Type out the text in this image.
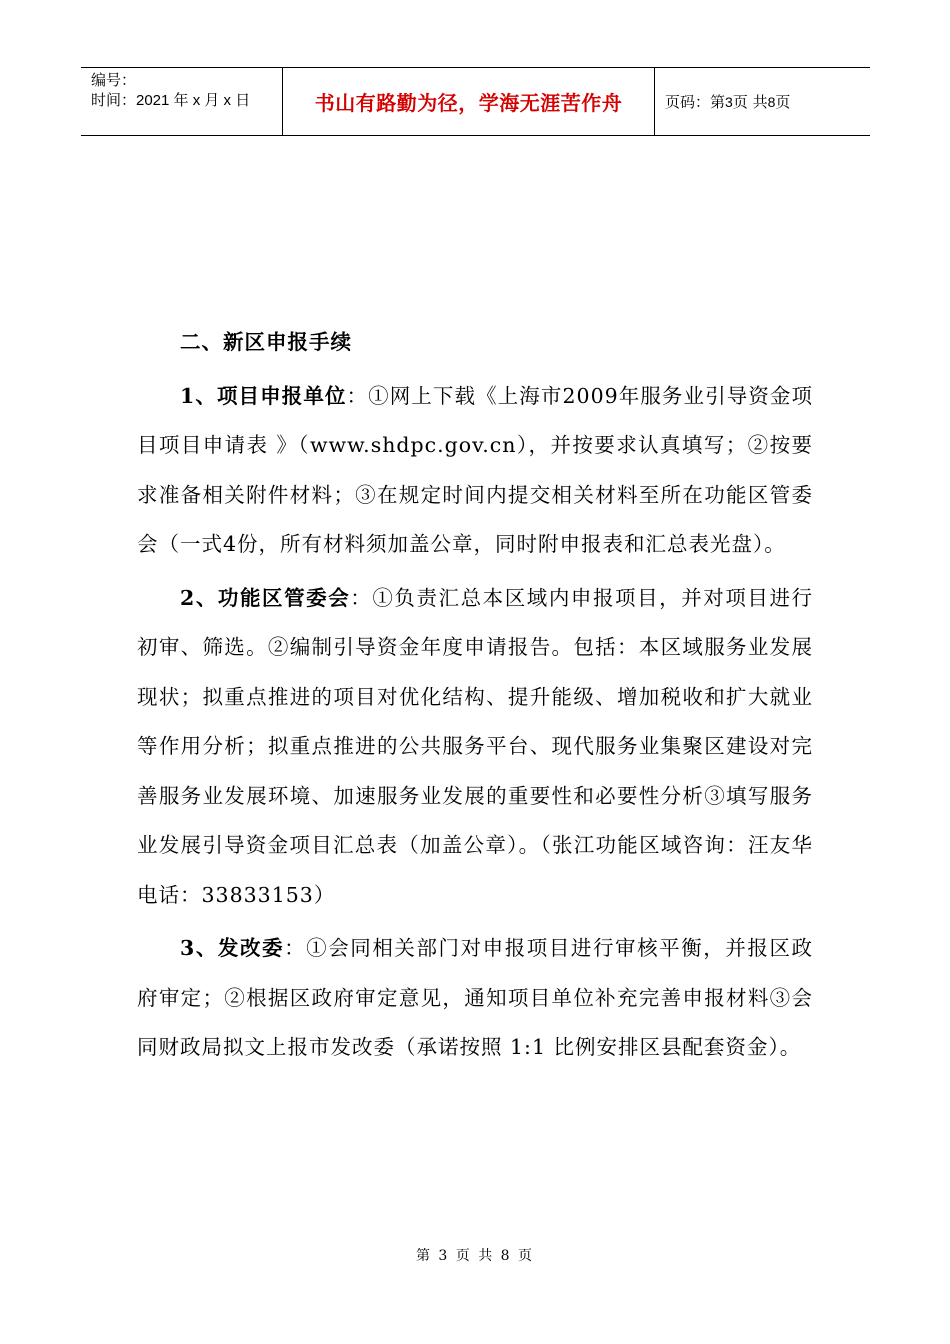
编号：
时间：2021 年 x 月 x 日	书山有路勤为径，学海无涯苦作舟	页码：第3页 共8页
二、新区申报手续

1、项目申报单位：①网上下载《上海市2009年服务业引导资金项目项目申请表 》（www.shdpc.gov.cn），并按要求认真填写；②按要求准备相关附件材料；③在规定时间内提交相关材料至所在功能区管委会（一式4份，所有材料须加盖公章，同时附申报表和汇总表光盘）。

2、功能区管委会：①负责汇总本区域内申报项目，并对项目进行初审、筛选。②编制引导资金年度申请报告。包括：本区域服务业发展现状；拟重点推进的项目对优化结构、提升能级、增加税收和扩大就业等作用分析；拟重点推进的公共服务平台、现代服务业集聚区建设对完善服务业发展环境、加速服务业发展的重要性和必要性分析③填写服务业发展引导资金项目汇总表（加盖公章）。（张江功能区域咨询：汪友华 电话：33833153）

3、发改委：①会同相关部门对申报项目进行审核平衡，并报区政府审定；②根据区政府审定意见，通知项目单位补充完善申报材料③会同财政局拟文上报市发改委（承诺按照 1:1 比例安排区县配套资金）。

第 3 页 共 8 页
